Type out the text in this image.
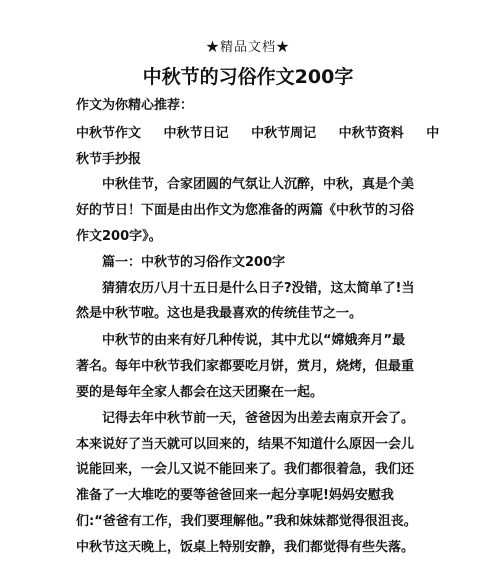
★精品文档★
中秋节的习俗作文200字
作文为你精心推荐：
中秋节作文 中秋节日记 中秋节周记 中秋节资料 中
秋节手抄报
中秋佳节，合家团圆的气氛让人沉醉，中秋，真是个美
好的节日！下面是由出作文为您准备的两篇《中秋节的习俗
作文200字》。
篇一：中秋节的习俗作文200字
猜猜农历八月十五日是什么日子?没错，这太简单了!当
然是中秋节啦。这也是我最喜欢的传统佳节之一。
中秋节的由来有好几种传说，其中尤以“嫦娥奔月”最
著名。每年中秋节我们家都要吃月饼，赏月，烧烤，但最重
要的是每年全家人都会在这天团聚在一起。
记得去年中秋节前一天，爸爸因为出差去南京开会了。
本来说好了当天就可以回来的，结果不知道什么原因一会儿
说能回来，一会儿又说不能回来了。我们都很着急，我们还
准备了一大堆吃的要等爸爸回来一起分享呢!妈妈安慰我
们:“爸爸有工作，我们要理解他。”我和妹妹都觉得很沮丧。
中秋节这天晚上，饭桌上特别安静，我们都觉得有些失落。
